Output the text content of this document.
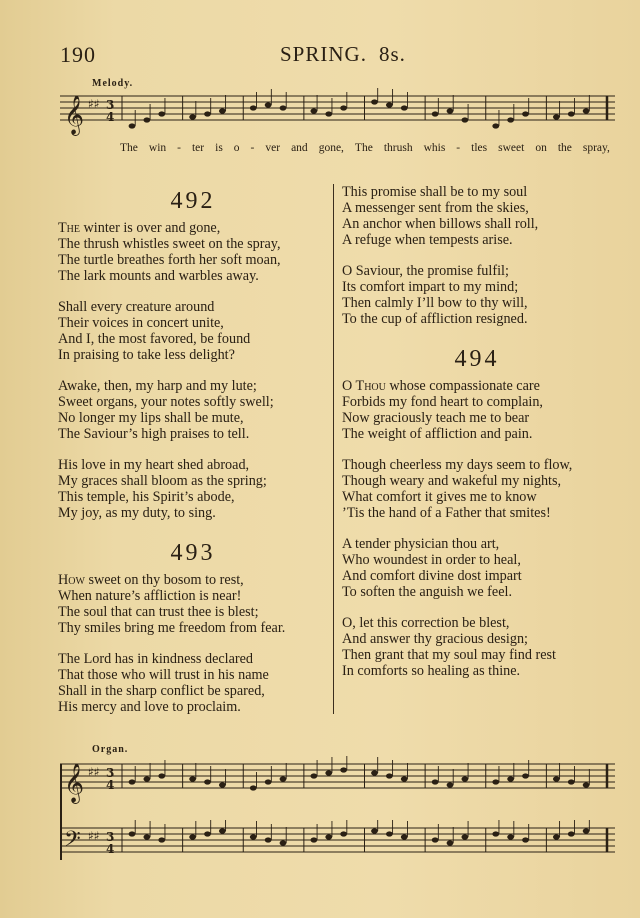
190	SPRING. 8s.
Melody.
𝄞 ♯♯ 3
4
The win - ter is o - ver and gone, The thrush whis - tles sweet on the spray,
492
The winter is over and gone,
The thrush whistles sweet on the spray,
The turtle breathes forth her soft moan,
The lark mounts and warbles away.
Shall every creature around
Their voices in concert unite,
And I, the most favored, be found
In praising to take less delight?
Awake, then, my harp and my lute;
Sweet organs, your notes softly swell;
No longer my lips shall be mute,
The Saviour’s high praises to tell.
His love in my heart shed abroad,
My graces shall bloom as the spring;
This temple, his Spirit’s abode,
My joy, as my duty, to sing.
493
How sweet on thy bosom to rest,
When nature’s affliction is near!
The soul that can trust thee is blest;
Thy smiles bring me freedom from fear.
The Lord has in kindness declared
That those who will trust in his name
Shall in the sharp conflict be spared,
His mercy and love to proclaim.
This promise shall be to my soul
A messenger sent from the skies,
An anchor when billows shall roll,
A refuge when tempests arise.
O Saviour, the promise fulfil;
Its comfort impart to my mind;
Then calmly I’ll bow to thy will,
To the cup of affliction resigned.
494
O Thou whose compassionate care
Forbids my fond heart to complain,
Now graciously teach me to bear
The weight of affliction and pain.
Though cheerless my days seem to flow,
Though weary and wakeful my nights,
What comfort it gives me to know
’Tis the hand of a Father that smites!
A tender physician thou art,
Who woundest in order to heal,
And comfort divine dost impart
To soften the anguish we feel.
O, let this correction be blest,
And answer thy gracious design;
Then grant that my soul may find rest
In comforts so healing as thine.
Organ.
𝄞 ♯♯ 3
4
𝄢 ♯♯ 3
4
